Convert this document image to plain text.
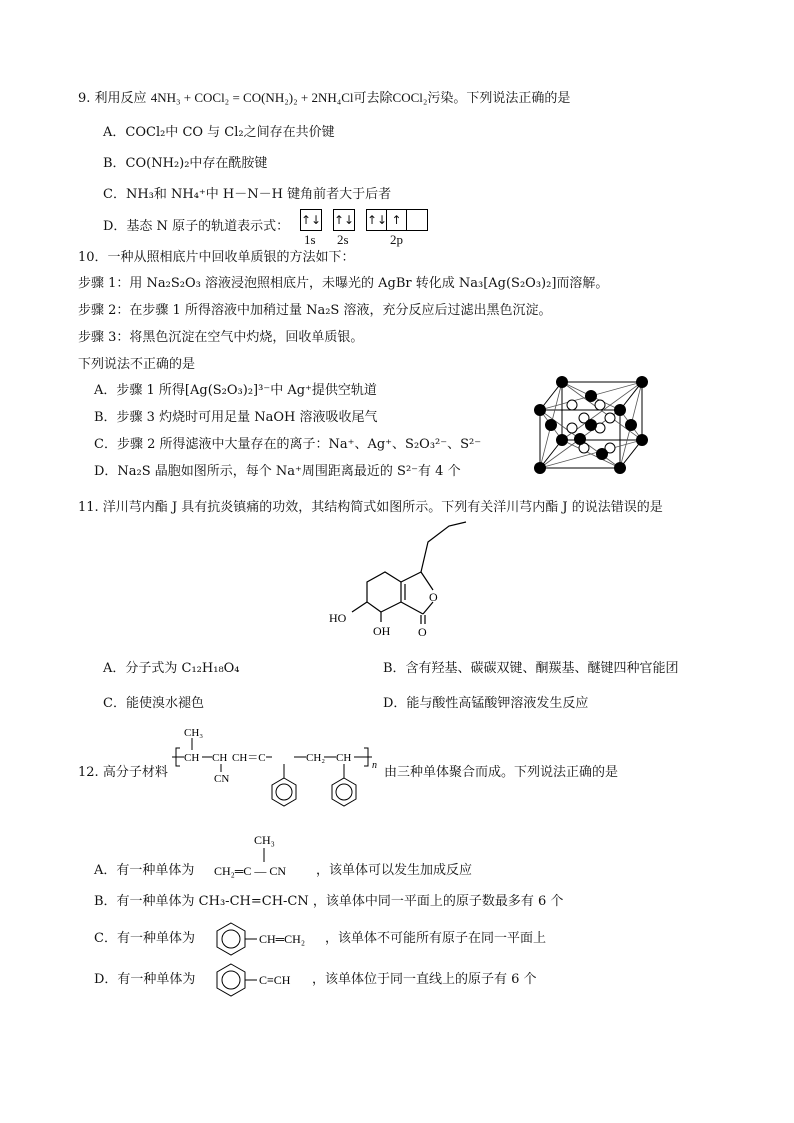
9. 利用反应 4NH₃ + COCl₂ = CO(NH₂)₂ + 2NH₄Cl可去除COCl₂污染。下列说法正确的是
A．COCl₂中 CO 与 Cl₂之间存在共价键
B．CO(NH₂)₂中存在酰胺键
C．NH₃和 NH₄⁺中 H－N－H 键角前者大于后者
D．基态 N 原子的轨道表示式： ↑↓ ↑↓ ↑↓ ↑
1s 2s	2p
10．一种从照相底片中回收单质银的方法如下：
步骤 1：用 Na₂S₂O₃ 溶液浸泡照相底片，未曝光的 AgBr 转化成 Na₃[Ag(S₂O₃)₂]而溶解。
步骤 2：在步骤 1 所得溶液中加稍过量 Na₂S 溶液，充分反应后过滤出黑色沉淀。
步骤 3：将黑色沉淀在空气中灼烧，回收单质银。
下列说法不正确的是
A．步骤 1 所得[Ag(S₂O₃)₂]³⁻中 Ag⁺提供空轨道
B．步骤 3 灼烧时可用足量 NaOH 溶液吸收尾气
C．步骤 2 所得滤液中大量存在的离子：Na⁺、Ag⁺、S₂O₃²⁻、S²⁻
D．Na₂S 晶胞如图所示，每个 Na⁺周围距离最近的 S²⁻有 4 个
11. 洋川芎内酯 J 具有抗炎镇痛的功效，其结构简式如图所示。下列有关洋川芎内酯 J 的说法错误的是
O
O
HO
OH
A．分子式为 C₁₂H₁₈O₄	B．含有羟基、碳碳双键、酮羰基、醚键四种官能团
C．能使溴水褪色	D．能与酸性高锰酸钾溶液发生反应
12. 高分子材料
CH₃
CH CH
CN
CH＝C	CH₂ CH
n 由三种单体聚合而成。下列说法正确的是
A．有一种单体为
CH₃
CH₂═C — CN ，该单体可以发生加成反应
B．有一种单体为 CH₃-CH=CH-CN ，该单体中同一平面上的原子数最多有 6 个
C．有一种单体为	CH═CH₂ ，该单体不可能所有原子在同一平面上
D．有一种单体为	C≡CH ，该单体位于同一直线上的原子有 6 个
